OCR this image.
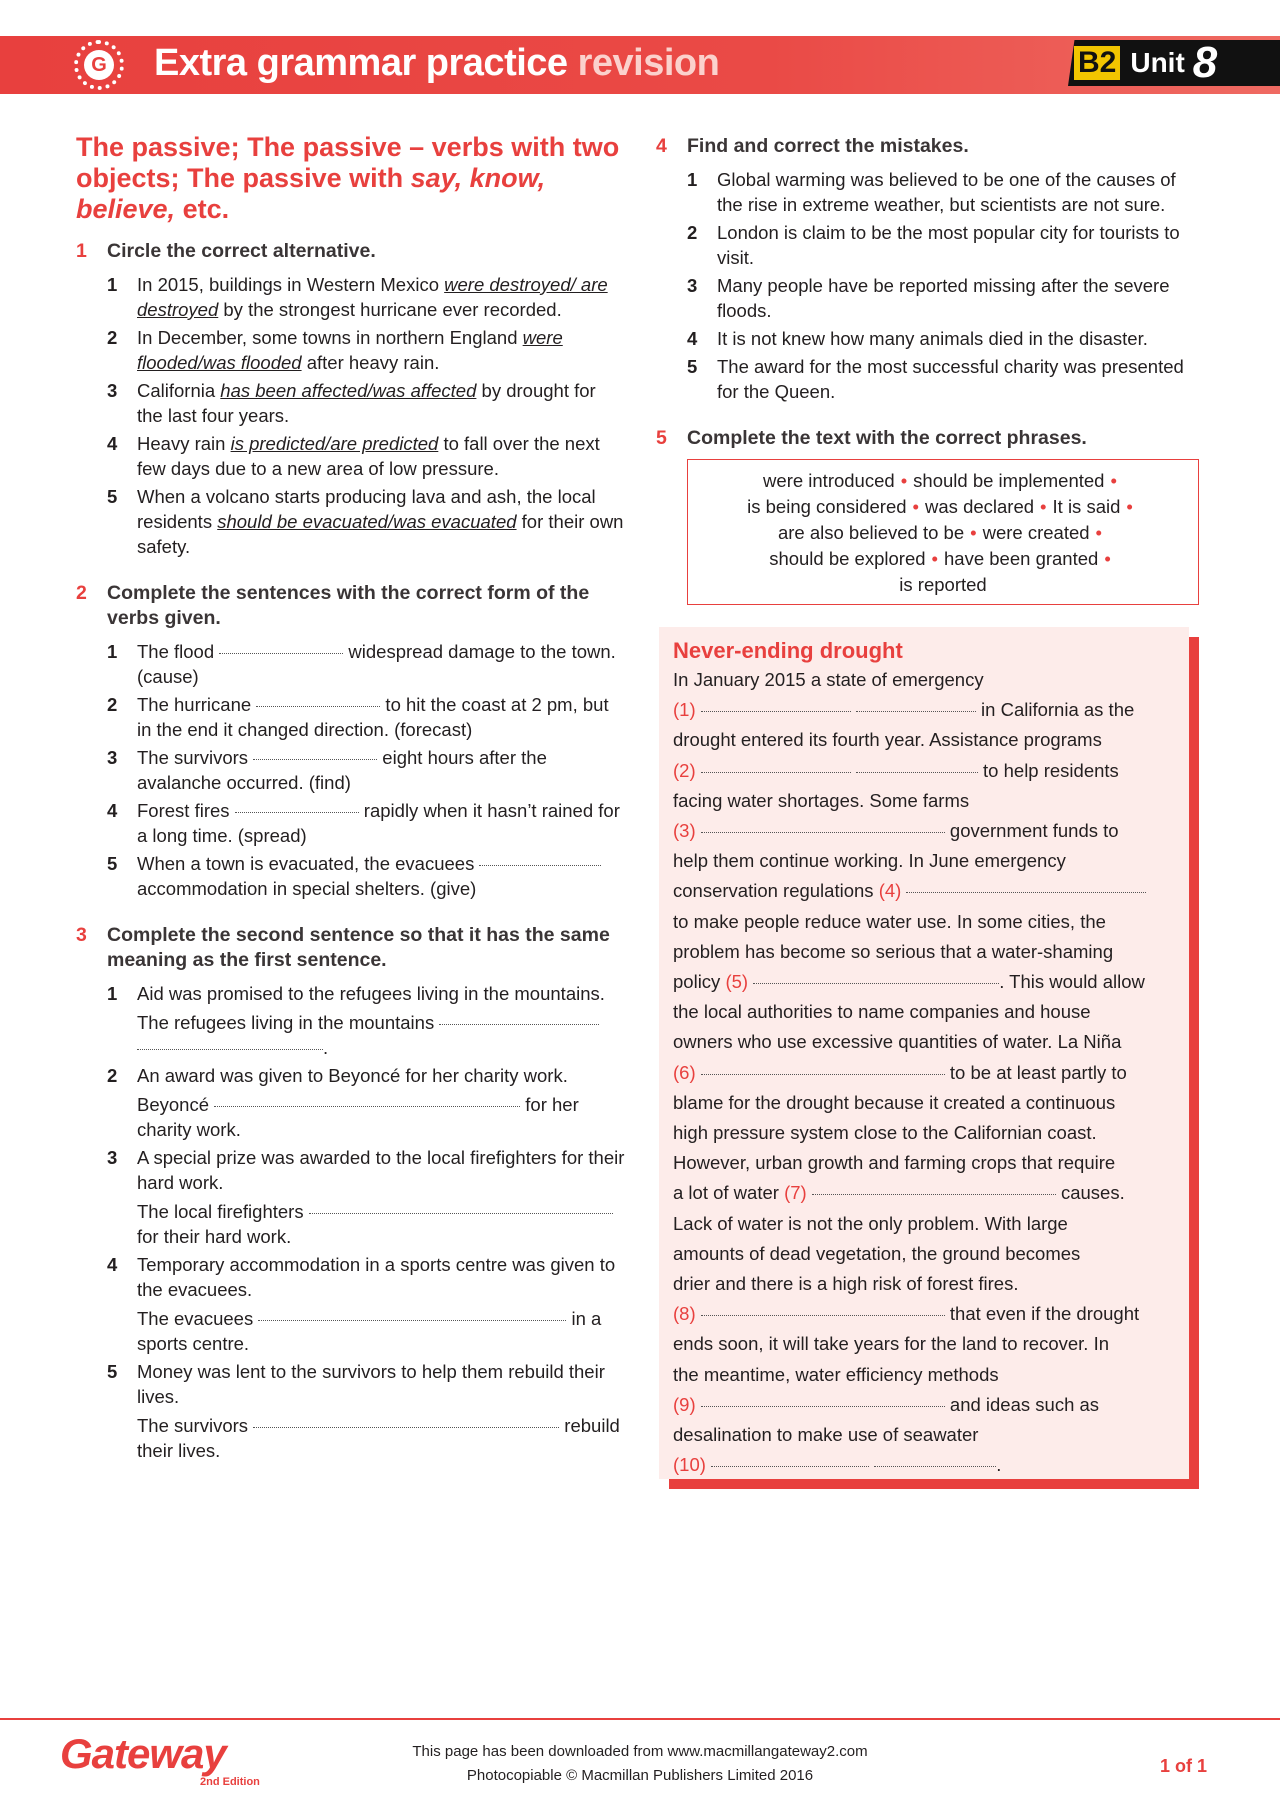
G Extra grammar practice revision	B2 Unit 8
The passive; The passive – verbs with two objects; The passive with say, know, believe, etc.
1	Circle the correct alternative.
1	In 2015, buildings in Western Mexico were destroyed/ are destroyed by the strongest hurricane ever recorded.
2	In December, some towns in northern England were flooded/was flooded after heavy rain.
3	California has been affected/was affected by drought for the last four years.
4	Heavy rain is predicted/are predicted to fall over the next few days due to a new area of low pressure.
5	When a volcano starts producing lava and ash, the local residents should be evacuated/was evacuated for their own safety.
2	Complete the sentences with the correct form of the verbs given.
1	The flood	widespread damage to the town. (cause)
2	The hurricane	to hit the coast at 2 pm, but in the end it changed direction. (forecast)
3	The survivors	eight hours after the avalanche occurred. (find)
4	Forest fires	rapidly when it hasn’t rained for a long time. (spread)
5	When a town is evacuated, the evacuees  accommodation in special shelters. (give)
3	Complete the second sentence so that it has the same meaning as the first sentence.
1	Aid was promised to the refugees living in the mountains.
The refugees living in the mountains
.
2	An award was given to Beyoncé for her charity work.
Beyoncé	for her charity work.
3	A special prize was awarded to the local firefighters for their hard work.
The local firefighters  for their hard work.
4	Temporary accommodation in a sports centre was given to the evacuees.
The evacuees	in a sports centre.
5	Money was lent to the survivors to help them rebuild their lives.
The survivors	rebuild their lives.
4	Find and correct the mistakes.
1	Global warming was believed to be one of the causes of the rise in extreme weather, but scientists are not sure.
2	London is claim to be the most popular city for tourists to visit.
3	Many people have be reported missing after the severe floods.
4	It is not knew how many animals died in the disaster.
5	The award for the most successful charity was presented for the Queen.
5	Complete the text with the correct phrases.
were introduced • should be implemented •
is being considered • was declared • It is said •
are also believed to be • were created •
should be explored • have been granted •
is reported
Never-ending drought
In January 2015 a state of emergency
(1)	in California as the
drought entered its fourth year. Assistance programs
(2)	to help residents
facing water shortages. Some farms
(3)	government funds to
help them continue working. In June emergency
conservation regulations (4)
to make people reduce water use. In some cities, the
problem has become so serious that a water-shaming
policy (5)	. This would allow
the local authorities to name companies and house
owners who use excessive quantities of water. La Niña
(6)	to be at least partly to
blame for the drought because it created a continuous
high pressure system close to the Californian coast.
However, urban growth and farming crops that require
a lot of water (7)	causes.
Lack of water is not the only problem. With large
amounts of dead vegetation, the ground becomes
drier and there is a high risk of forest fires.
(8)	that even if the drought
ends soon, it will take years for the land to recover. In
the meantime, water efficiency methods
(9)	and ideas such as
desalination to make use of seawater
(10)	.
Gateway
2nd Edition
This page has been downloaded from www.macmillangateway2.com
Photocopiable © Macmillan Publishers Limited 2016	1 of 1
